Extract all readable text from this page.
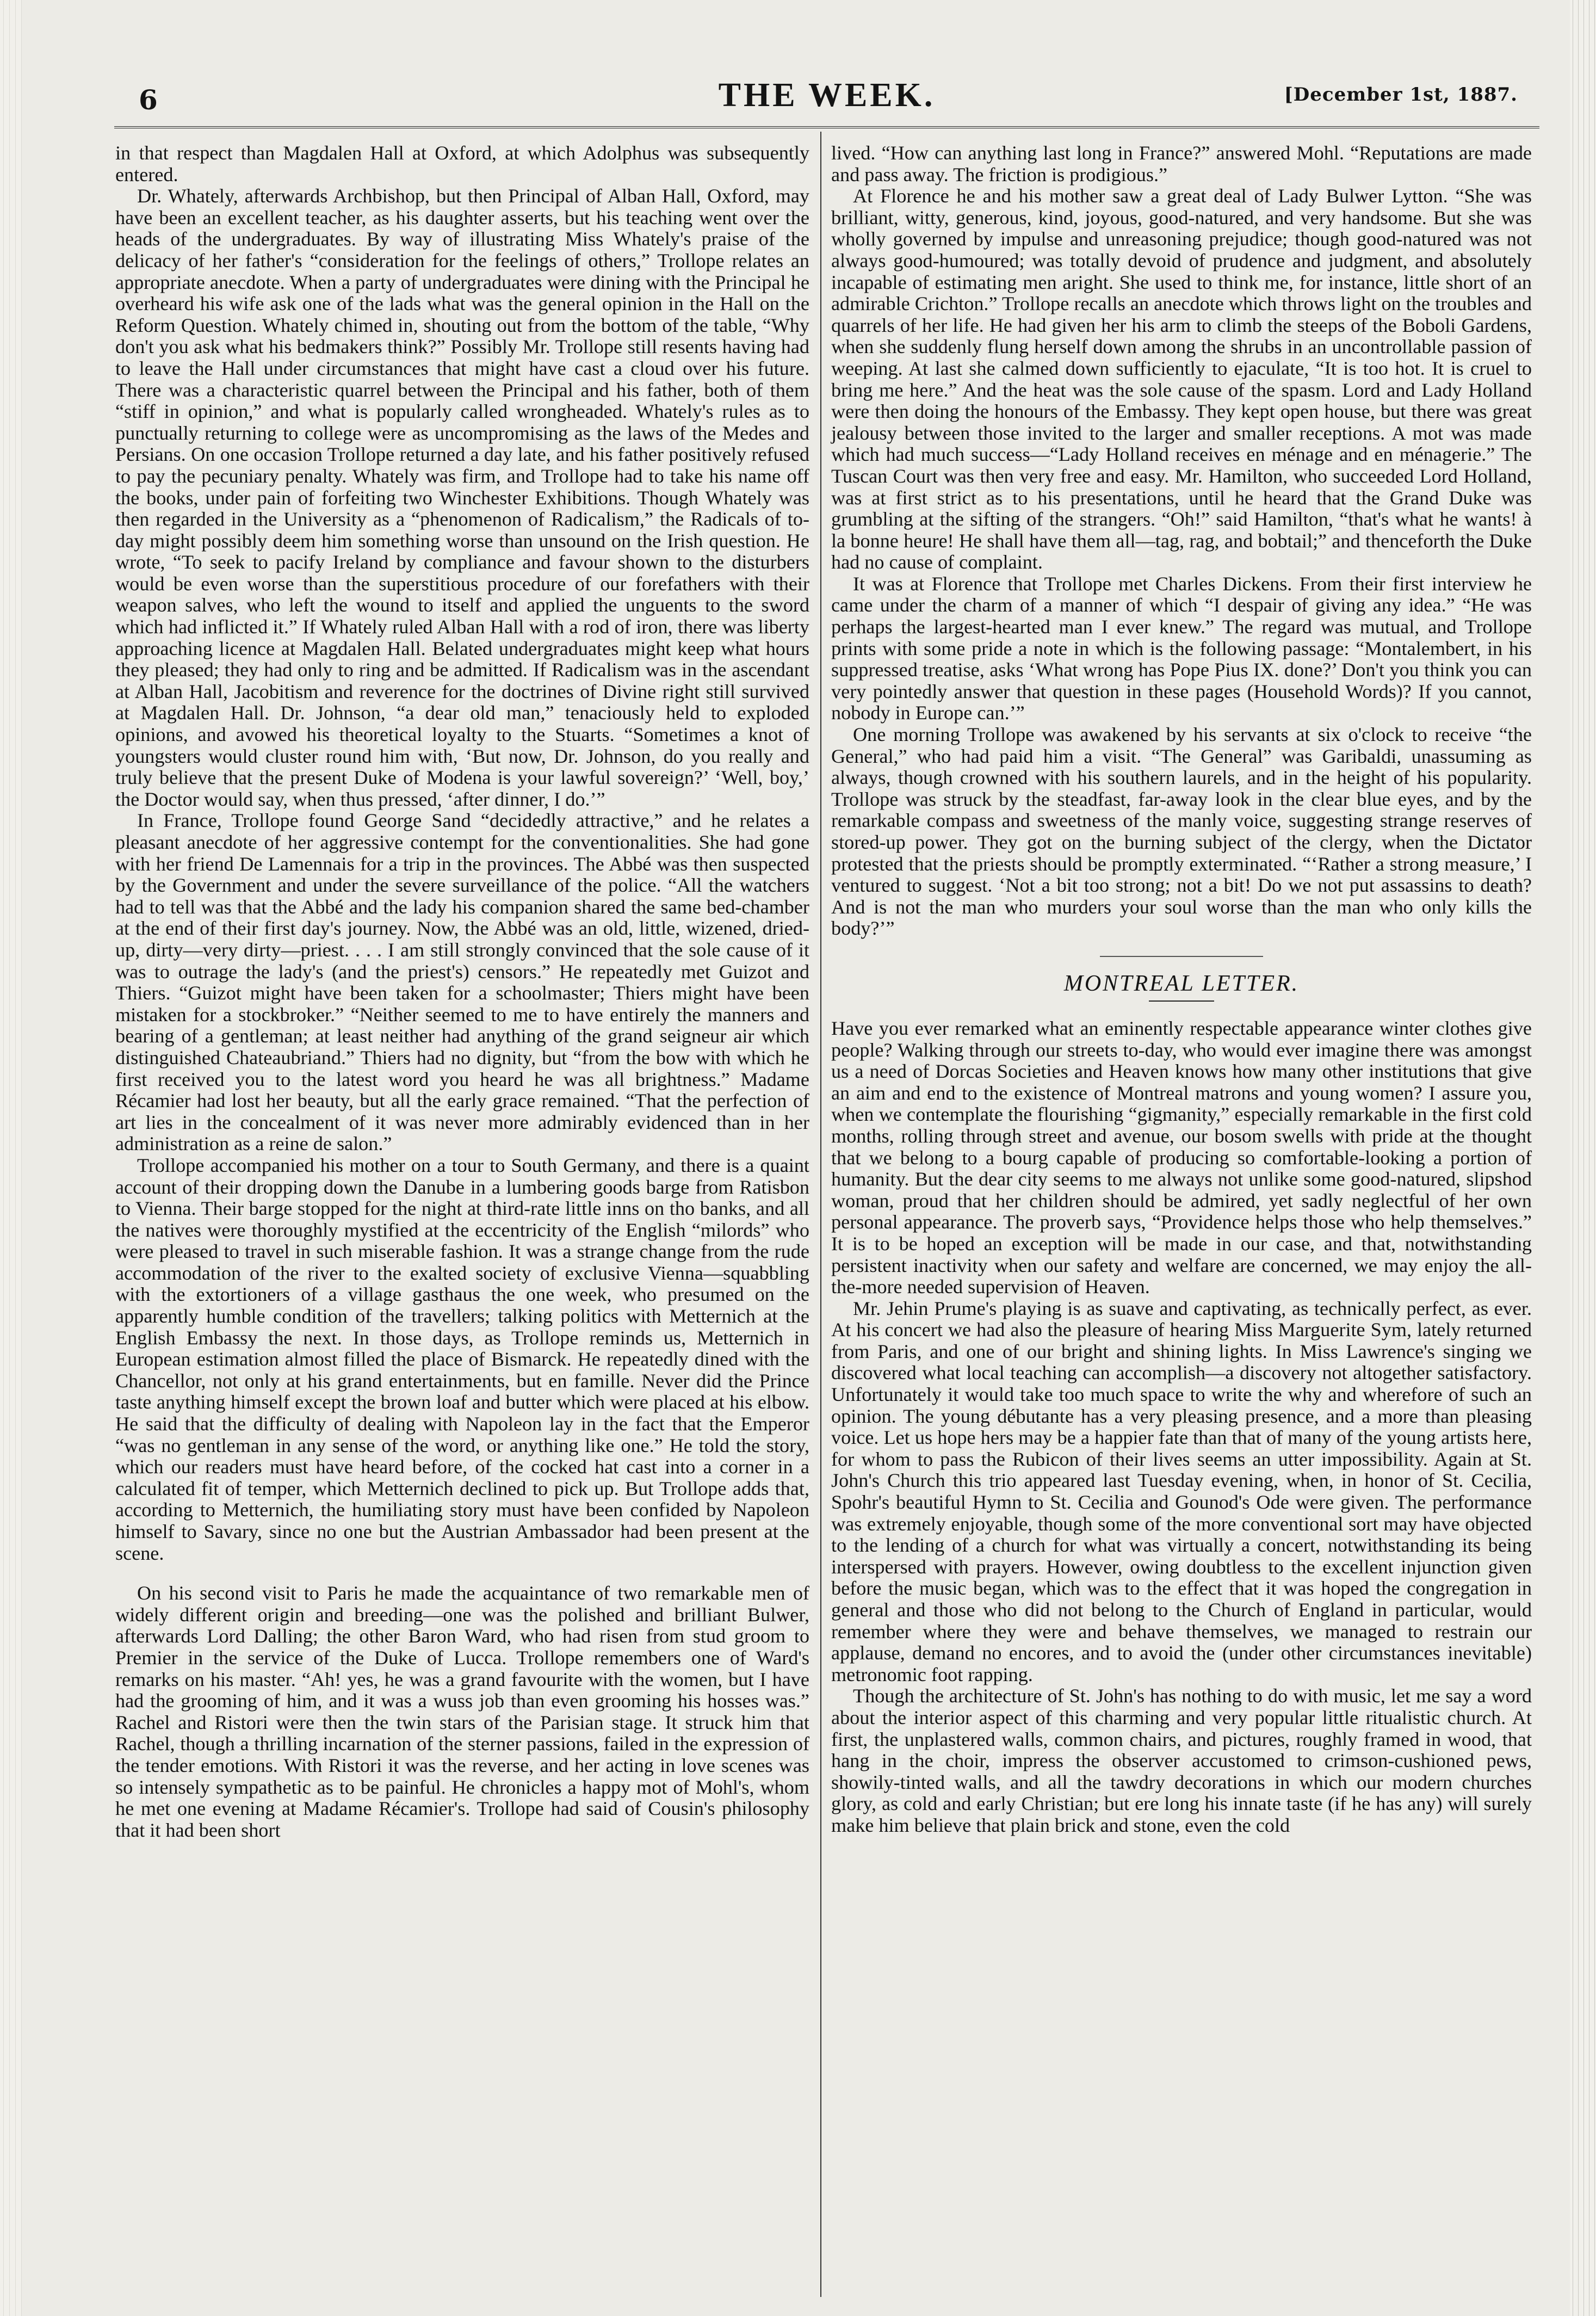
6	THE WEEK.	[December 1st, 1887.

in that respect than Magdalen Hall at Oxford, at which Adolphus was subsequently entered.

Dr. Whately, afterwards Archbishop, but then Principal of Alban Hall, Oxford, may have been an excellent teacher, as his daughter asserts, but his teaching went over the heads of the undergraduates. By way of illustrating Miss Whately's praise of the delicacy of her father's “consideration for the feelings of others,” Trollope relates an appropriate anecdote. When a party of undergraduates were dining with the Principal he overheard his wife ask one of the lads what was the general opinion in the Hall on the Reform Question. Whately chimed in, shouting out from the bottom of the table, “Why don't you ask what his bedmakers think?” Possibly Mr. Trollope still resents having had to leave the Hall under circumstances that might have cast a cloud over his future. There was a characteristic quarrel between the Principal and his father, both of them “stiff in opinion,” and what is popularly called wrongheaded. Whately's rules as to punctually returning to college were as uncompromising as the laws of the Medes and Persians. On one occasion Trollope returned a day late, and his father positively refused to pay the pecuniary penalty. Whately was firm, and Trollope had to take his name off the books, under pain of forfeiting two Winchester Exhibitions. Though Whately was then regarded in the University as a “phenomenon of Radicalism,” the Radicals of to-day might possibly deem him something worse than unsound on the Irish question. He wrote, “To seek to pacify Ireland by compliance and favour shown to the disturbers would be even worse than the superstitious procedure of our forefathers with their weapon salves, who left the wound to itself and applied the unguents to the sword which had inflicted it.” If Whately ruled Alban Hall with a rod of iron, there was liberty approaching licence at Magdalen Hall. Belated undergraduates might keep what hours they pleased; they had only to ring and be admitted. If Radicalism was in the ascendant at Alban Hall, Jacobitism and reverence for the doctrines of Divine right still survived at Magdalen Hall. Dr. Johnson, “a dear old man,” tenaciously held to exploded opinions, and avowed his theoretical loyalty to the Stuarts. “Sometimes a knot of youngsters would cluster round him with, ‘But now, Dr. Johnson, do you really and truly believe that the present Duke of Modena is your lawful sovereign?’ ‘Well, boy,’ the Doctor would say, when thus pressed, ‘after dinner, I do.’”

In France, Trollope found George Sand “decidedly attractive,” and he relates a pleasant anecdote of her aggressive contempt for the conventionalities. She had gone with her friend De Lamennais for a trip in the provinces. The Abbé was then suspected by the Government and under the severe surveillance of the police. “All the watchers had to tell was that the Abbé and the lady his companion shared the same bed-chamber at the end of their first day's journey. Now, the Abbé was an old, little, wizened, dried-up, dirty—very dirty—priest. . . . I am still strongly convinced that the sole cause of it was to outrage the lady's (and the priest's) censors.” He repeatedly met Guizot and Thiers. “Guizot might have been taken for a schoolmaster; Thiers might have been mistaken for a stockbroker.” “Neither seemed to me to have entirely the manners and bearing of a gentleman; at least neither had anything of the grand seigneur air which distinguished Chateaubriand.” Thiers had no dignity, but “from the bow with which he first received you to the latest word you heard he was all brightness.” Madame Récamier had lost her beauty, but all the early grace remained. “That the perfection of art lies in the concealment of it was never more admirably evidenced than in her administration as a reine de salon.”

Trollope accompanied his mother on a tour to South Germany, and there is a quaint account of their dropping down the Danube in a lumbering goods barge from Ratisbon to Vienna. Their barge stopped for the night at third-rate little inns on tho banks, and all the natives were thoroughly mystified at the eccentricity of the English “milords” who were pleased to travel in such miserable fashion. It was a strange change from the rude accommodation of the river to the exalted society of exclusive Vienna—squabbling with the extortioners of a village gasthaus the one week, who presumed on the apparently humble condition of the travellers; talking politics with Metternich at the English Embassy the next. In those days, as Trollope reminds us, Metternich in European estimation almost filled the place of Bismarck. He repeatedly dined with the Chancellor, not only at his grand entertainments, but en famille. Never did the Prince taste anything himself except the brown loaf and butter which were placed at his elbow. He said that the difficulty of dealing with Napoleon lay in the fact that the Emperor “was no gentleman in any sense of the word, or anything like one.” He told the story, which our readers must have heard before, of the cocked hat cast into a corner in a calculated fit of temper, which Metternich declined to pick up. But Trollope adds that, according to Metternich, the humiliating story must have been confided by Napoleon himself to Savary, since no one but the Austrian Ambassador had been present at the scene.

On his second visit to Paris he made the acquaintance of two remarkable men of widely different origin and breeding—one was the polished and brilliant Bulwer, afterwards Lord Dalling; the other Baron Ward, who had risen from stud groom to Premier in the service of the Duke of Lucca. Trollope remembers one of Ward's remarks on his master. “Ah! yes, he was a grand favourite with the women, but I have had the grooming of him, and it was a wuss job than even grooming his hosses was.” Rachel and Ristori were then the twin stars of the Parisian stage. It struck him that Rachel, though a thrilling incarnation of the sterner passions, failed in the expression of the tender emotions. With Ristori it was the reverse, and her acting in love scenes was so intensely sympathetic as to be painful. He chronicles a happy mot of Mohl's, whom he met one evening at Madame Récamier's. Trollope had said of Cousin's philosophy that it had been short

lived. “How can anything last long in France?” answered Mohl. “Reputations are made and pass away. The friction is prodigious.”

At Florence he and his mother saw a great deal of Lady Bulwer Lytton. “She was brilliant, witty, generous, kind, joyous, good-natured, and very handsome. But she was wholly governed by impulse and unreasoning prejudice; though good-natured was not always good-humoured; was totally devoid of prudence and judgment, and absolutely incapable of estimating men aright. She used to think me, for instance, little short of an admirable Crichton.” Trollope recalls an anecdote which throws light on the troubles and quarrels of her life. He had given her his arm to climb the steeps of the Boboli Gardens, when she suddenly flung herself down among the shrubs in an uncontrollable passion of weeping. At last she calmed down sufficiently to ejaculate, “It is too hot. It is cruel to bring me here.” And the heat was the sole cause of the spasm. Lord and Lady Holland were then doing the honours of the Embassy. They kept open house, but there was great jealousy between those invited to the larger and smaller receptions. A mot was made which had much success—“Lady Holland receives en ménage and en ménagerie.” The Tuscan Court was then very free and easy. Mr. Hamilton, who succeeded Lord Holland, was at first strict as to his presentations, until he heard that the Grand Duke was grumbling at the sifting of the strangers. “Oh!” said Hamilton, “that's what he wants! à la bonne heure! He shall have them all—tag, rag, and bobtail;” and thenceforth the Duke had no cause of complaint.

It was at Florence that Trollope met Charles Dickens. From their first interview he came under the charm of a manner of which “I despair of giving any idea.” “He was perhaps the largest-hearted man I ever knew.” The regard was mutual, and Trollope prints with some pride a note in which is the following passage: “Montalembert, in his suppressed treatise, asks ‘What wrong has Pope Pius IX. done?’ Don't you think you can very pointedly answer that question in these pages (Household Words)? If you cannot, nobody in Europe can.’”

One morning Trollope was awakened by his servants at six o'clock to receive “the General,” who had paid him a visit. “The General” was Garibaldi, unassuming as always, though crowned with his southern laurels, and in the height of his popularity. Trollope was struck by the steadfast, far-away look in the clear blue eyes, and by the remarkable compass and sweetness of the manly voice, suggesting strange reserves of stored-up power. They got on the burning subject of the clergy, when the Dictator protested that the priests should be promptly exterminated. “‘Rather a strong measure,’ I ventured to suggest. ‘Not a bit too strong; not a bit! Do we not put assassins to death? And is not the man who murders your soul worse than the man who only kills the body?’”

MONTREAL LETTER.

Have you ever remarked what an eminently respectable appearance winter clothes give people? Walking through our streets to-day, who would ever imagine there was amongst us a need of Dorcas Societies and Heaven knows how many other institutions that give an aim and end to the existence of Montreal matrons and young women? I assure you, when we contemplate the flourishing “gigmanity,” especially remarkable in the first cold months, rolling through street and avenue, our bosom swells with pride at the thought that we belong to a bourg capable of producing so comfortable-looking a portion of humanity. But the dear city seems to me always not unlike some good-natured, slipshod woman, proud that her children should be admired, yet sadly neglectful of her own personal appearance. The proverb says, “Providence helps those who help themselves.” It is to be hoped an exception will be made in our case, and that, notwithstanding persistent inactivity when our safety and welfare are concerned, we may enjoy the all-the-more needed supervision of Heaven.

Mr. Jehin Prume's playing is as suave and captivating, as technically perfect, as ever. At his concert we had also the pleasure of hearing Miss Marguerite Sym, lately returned from Paris, and one of our bright and shining lights. In Miss Lawrence's singing we discovered what local teaching can accomplish—a discovery not altogether satisfactory. Unfortunately it would take too much space to write the why and wherefore of such an opinion. The young débutante has a very pleasing presence, and a more than pleasing voice. Let us hope hers may be a happier fate than that of many of the young artists here, for whom to pass the Rubicon of their lives seems an utter impossibility. Again at St. John's Church this trio appeared last Tuesday evening, when, in honor of St. Cecilia, Spohr's beautiful Hymn to St. Cecilia and Gounod's Ode were given. The performance was extremely enjoyable, though some of the more conventional sort may have objected to the lending of a church for what was virtually a concert, notwithstanding its being interspersed with prayers. However, owing doubtless to the excellent injunction given before the music began, which was to the effect that it was hoped the congregation in general and those who did not belong to the Church of England in particular, would remember where they were and behave themselves, we managed to restrain our applause, demand no encores, and to avoid the (under other circumstances inevitable) metronomic foot rapping.

Though the architecture of St. John's has nothing to do with music, let me say a word about the interior aspect of this charming and very popular little ritualistic church. At first, the unplastered walls, common chairs, and pictures, roughly framed in wood, that hang in the choir, impress the observer accustomed to crimson-cushioned pews, showily-tinted walls, and all the tawdry decorations in which our modern churches glory, as cold and early Christian; but ere long his innate taste (if he has any) will surely make him believe that plain brick and stone, even the cold
